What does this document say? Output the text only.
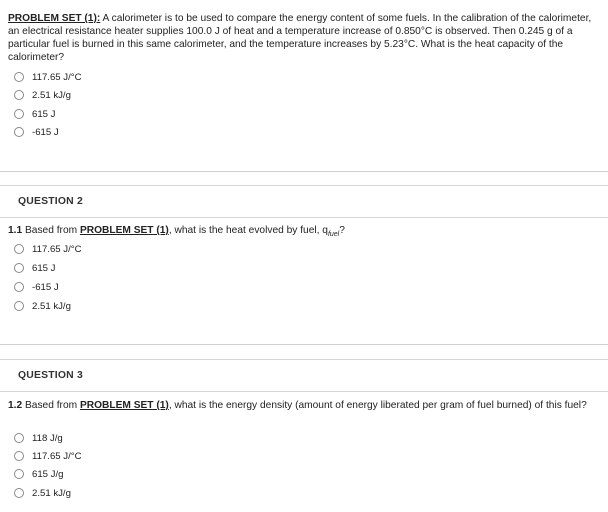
PROBLEM SET (1): A calorimeter is to be used to compare the energy content of some fuels. In the calibration of the calorimeter, an electrical resistance heater supplies 100.0 J of heat and a temperature increase of 0.850°C is observed. Then 0.245 g of a particular fuel is burned in this same calorimeter, and the temperature increases by 5.23°C. What is the heat capacity of the calorimeter?
117.65 J/°C
2.51 kJ/g
615 J
-615 J
QUESTION 2
1.1 Based from PROBLEM SET (1), what is the heat evolved by fuel, $q_{fuel}$?
117.65 J/°C
615 J
-615 J
2.51 kJ/g
QUESTION 3
1.2 Based from PROBLEM SET (1), what is the energy density (amount of energy liberated per gram of fuel burned) of this fuel?
118 J/g
117.65 J/°C
615 J/g
2.51 kJ/g
